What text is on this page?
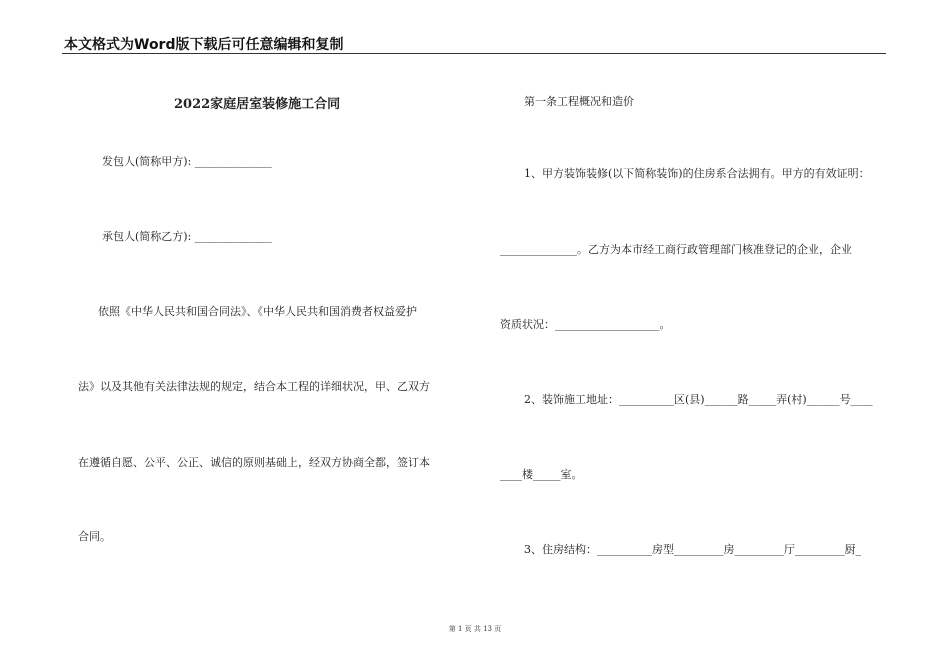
本文格式为Word版下载后可任意编辑和复制
2022家庭居室装修施工合同
发包人(简称甲方): ______________
承包人(简称乙方): ______________
依照《中华人民共和国合同法》、《中华人民共和国消费者权益爱护
法》以及其他有关法律法规的规定，结合本工程的详细状况，甲、乙双方
在遵循自愿、公平、公正、诚信的原则基础上，经双方协商全都，签订本
合同。
第一条工程概况和造价
1、甲方装饰装修(以下简称装饰)的住房系合法拥有。甲方的有效证明：
______________。乙方为本市经工商行政管理部门核准登记的企业，企业
资质状况：___________________。
2、装饰施工地址：__________区(县)______路_____弄(村)______号____
____楼_____室。
3、住房结构：__________房型_________房_________厅_________厨_
第 1 页 共 13 页
